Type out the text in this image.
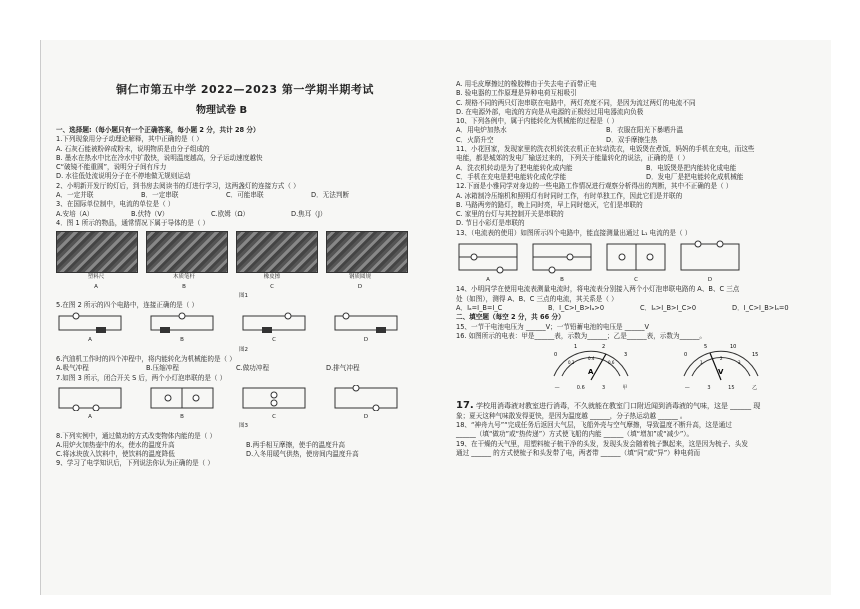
铜仁市第五中学 2022—2023 第一学期半期考试
物理试卷 B
一、选择题:（每小题只有一个正确答案，每小题 2 分，共计 28 分）
1.下列现象用分子动理论解释，其中正确的是（ ）
A. 石灰石能被粉碎成粉末，说明物质是由分子组成的
B. 墨水在热水中比在冷水中扩散快，说明温度越高，分子运动速度越快
C“破镜不能重圆”，说明分子间有斥力
D. 水往低处流说明分子在不停地做无规则运动
2、小明新开发厅的灯后，到书房去阅读书的灯进行学习，这两盏灯的连接方式（ ）
A．一定并联	B．一定串联	C．可能串联	D．无法判断
3、在国际单位制中，电流的单位是（ ）
A.安培（A）	B.伏特（V）	C.欧姆（Ω）	D.焦耳（J）
4．图 1 所示的物品，通常情况下属于导体的是（ ）
塑料尺	木质笔杆	橡皮擦	钢质圆规
A	B	C	D
图1
5.在图 2 所示的四个电路中，连接正确的是（ ）
A	B	C	D
图2
6.汽油机工作时的四个冲程中，将内能转化为机械能的是（ ）
A.吸气冲程	B.压缩冲程	C.做功冲程	D.排气冲程
7.如图 3 所示，闭合开关 S 后，两个小灯泡串联的是（ ）
A	B	C	D
图3
8.下列实例中，通过做功的方式改变物体内能的是（ ）
A.用炉火加热壶中的水，使水的温度升高	B.两手相互摩擦，使手的温度升高
C.将冰块放入饮料中，使饮料的温度降低	D.入冬用暖气供热，使房间内温度升高
9、学习了电学知识后，下列说法你认为正确的是（ ）
A. 用毛皮摩擦过的橡胶棒由于失去电子而带正电
B. 验电器的工作原理是异种电荷互相吸引
C. 规格不同的两只灯泡串联在电路中，两灯亮度不同，是因为流过两灯的电流不同
D. 在电源外部，电流的方向是从电源的正极经过用电器流向负极
10、下列各例中，属于内能转化为机械能的过程是（ ）
A．用电炉加热水	B．衣服在阳光下暴晒升温
C．火箭升空	D．双手摩擦生热
11、小花回家，发现家里的洗衣机转洗衣机正在转动洗衣，电饭煲在煮饭，妈妈的手机在充电，而这些
电能，都是城郊的发电厂输送过来的，下列关于能量转化的说法，正确的是（ ）
A．洗衣机转动是为了把电能转化成内能	B．电饭煲是把内能转化成电能
C．手机在充电是把电能转化成化学能	D．发电厂是把电能转化成机械能
12.下面是小雅同学对身边的一些电路工作情况进行观察分析得出的判断，其中不正确的是（ ）
A. 冰箱制冷压缩机和照明灯有时同时工作，有时单独工作，因此它们是并联的
B. 马路两旁的路灯，晚上同时亮，早上同时熄灭，它们是串联的
C. 家里的台灯与其控制开关是串联的
D. 节日小彩灯是串联的
13、（电流表的使用）如图所示四个电路中，能直接测量出通过 L₁ 电流的是（ ）
A	B	C	D
14、小明同学在使用电流表测量电流时，将电流表分别接入两个小灯泡串联电路的 A、B、C 三点
处（如图），测得 A、B、C 三点的电流，其关系是（ ）
A．Iₐ=I_B=I_C	B．I_C>I_B>Iₐ>0	C．Iₐ>I_B>I_C>0	D．I_C>I_B>Iₐ=0
二、填空题（每空 2 分，共 66 分）
15、一节干电池电压为 ______V；一节铅蓄电池的电压是 ______V
16. 如图所示的电表：甲是______表，示数为______；乙是______表，示数为______。
0
1	2
3
0.2
0.4
0.6
A
0
5	10
15
1
2
3
V
—	0.6	3	甲	—	3	15	乙
17. 学校用消毒液对教室进行消毒，不久就能在教室门口附近闻到消毒液的气味，这是 ______ 现
象；夏天这种气味散发得更快，是因为温度越 ______，分子热运动越 ______ 。
18、“神舟九号”“完成任务后返回大气层，飞船外壳与空气摩擦，导致温度不断升高，这是通过
______（填“做功”或“热传递”）方式使飞船的内能 ______（填“增加”或“减少”）。
19、在干燥的天气里，用塑料梳子梳干净的头发，发现头发会随着梳子飘起来，这是因为梳子、头发
通过 ______ 的方式使梳子和头发带了电，两者带 ______（填“同”或“异”）种电荷而
